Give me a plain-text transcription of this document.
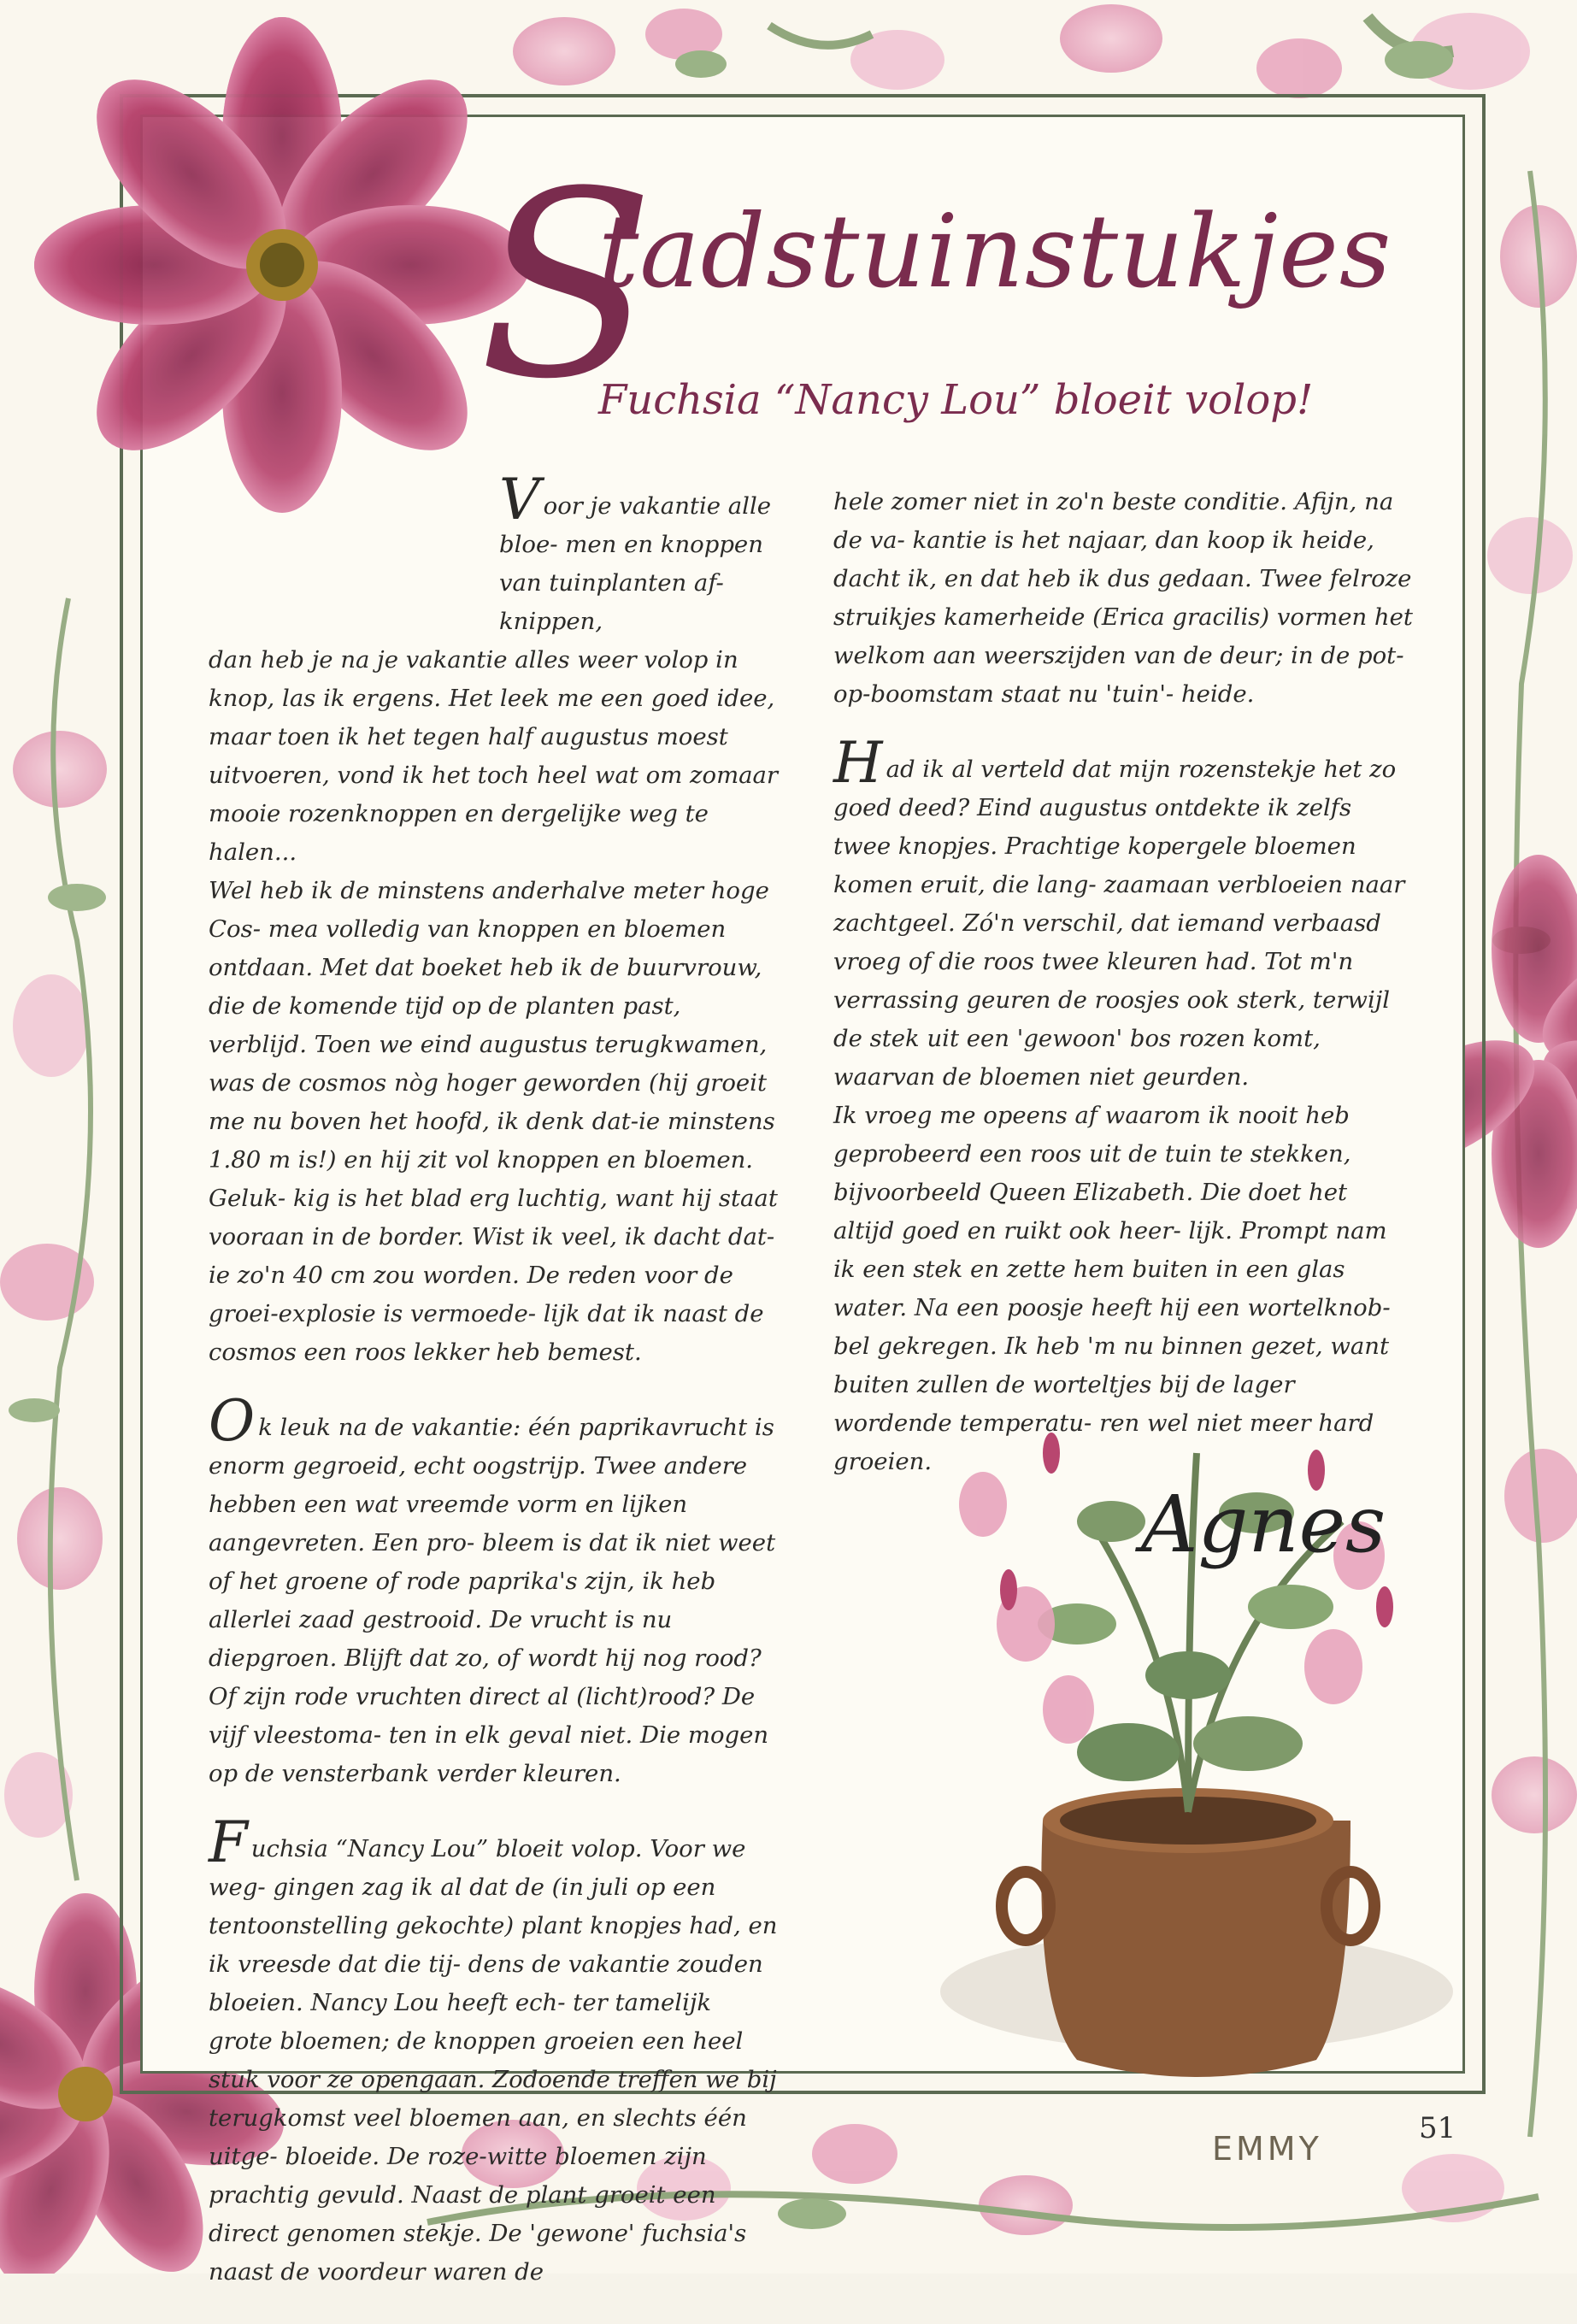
S
tadstuinstukjes
Fuchsia “Nancy Lou” bloeit volop!

Voor je vakantie alle bloe- men en knoppen van tuinplanten af- knippen,
dan heb je na je vakantie alles weer volop in knop, las ik ergens. Het leek me een goed idee, maar toen ik het tegen half augustus moest uitvoeren, vond ik het toch heel wat om zomaar mooie rozenknoppen en dergelijke weg te halen...

Wel heb ik de minstens anderhalve meter hoge Cos- mea volledig van knoppen en bloemen ontdaan. Met dat boeket heb ik de buurvrouw, die de komende tijd op de planten past, verblijd. Toen we eind augustus terugkwamen, was de cosmos nòg hoger geworden (hij groeit me nu boven het hoofd, ik denk dat-ie minstens 1.80 m is!) en hij zit vol knoppen en bloemen. Geluk- kig is het blad erg luchtig, want hij staat vooraan in de border. Wist ik veel, ik dacht dat-ie zo'n 40 cm zou worden. De reden voor de groei-explosie is vermoede- lijk dat ik naast de cosmos een roos lekker heb bemest.

Ok leuk na de vakantie: één paprikavrucht is enorm gegroeid, echt oogstrijp. Twee andere hebben een wat vreemde vorm en lijken aangevreten. Een pro- bleem is dat ik niet weet of het groene of rode paprika's zijn, ik heb allerlei zaad gestrooid. De vrucht is nu diepgroen. Blijft dat zo, of wordt hij nog rood? Of zijn rode vruchten direct al (licht)rood? De vijf vleestoma- ten in elk geval niet. Die mogen op de vensterbank verder kleuren.

Fuchsia “Nancy Lou” bloeit volop. Voor we weg- gingen zag ik al dat de (in juli op een tentoonstelling gekochte) plant knopjes had, en ik vreesde dat die tij- dens de vakantie zouden bloeien. Nancy Lou heeft ech- ter tamelijk grote bloemen; de knoppen groeien een heel stuk voor ze opengaan. Zodoende treffen we bij terugkomst veel bloemen aan, en slechts één uitge- bloeide. De roze-witte bloemen zijn prachtig gevuld. Naast de plant groeit een direct genomen stekje. De 'gewone' fuchsia's naast de voordeur waren de

hele zomer niet in zo'n beste conditie. Afijn, na de va- kantie is het najaar, dan koop ik heide, dacht ik, en dat heb ik dus gedaan. Twee felroze struikjes kamerheide (Erica gracilis) vormen het welkom aan weerszijden van de deur; in de pot-op-boomstam staat nu 'tuin'- heide.

Had ik al verteld dat mijn rozenstekje het zo goed deed? Eind augustus ontdekte ik zelfs twee knopjes. Prachtige kopergele bloemen komen eruit, die lang- zaamaan verbloeien naar zachtgeel. Zó'n verschil, dat iemand verbaasd vroeg of die roos twee kleuren had. Tot m'n verrassing geuren de roosjes ook sterk, terwijl de stek uit een 'gewoon' bos rozen komt, waarvan de bloemen niet geurden.

Ik vroeg me opeens af waarom ik nooit heb geprobeerd een roos uit de tuin te stekken, bijvoorbeeld Queen Elizabeth. Die doet het altijd goed en ruikt ook heer- lijk. Prompt nam ik een stek en zette hem buiten in een glas water. Na een poosje heeft hij een wortelknob- bel gekregen. Ik heb 'm nu binnen gezet, want buiten zullen de worteltjes bij de lager wordende temperatu- ren wel niet meer hard groeien.

Agnes
EMMY
51
